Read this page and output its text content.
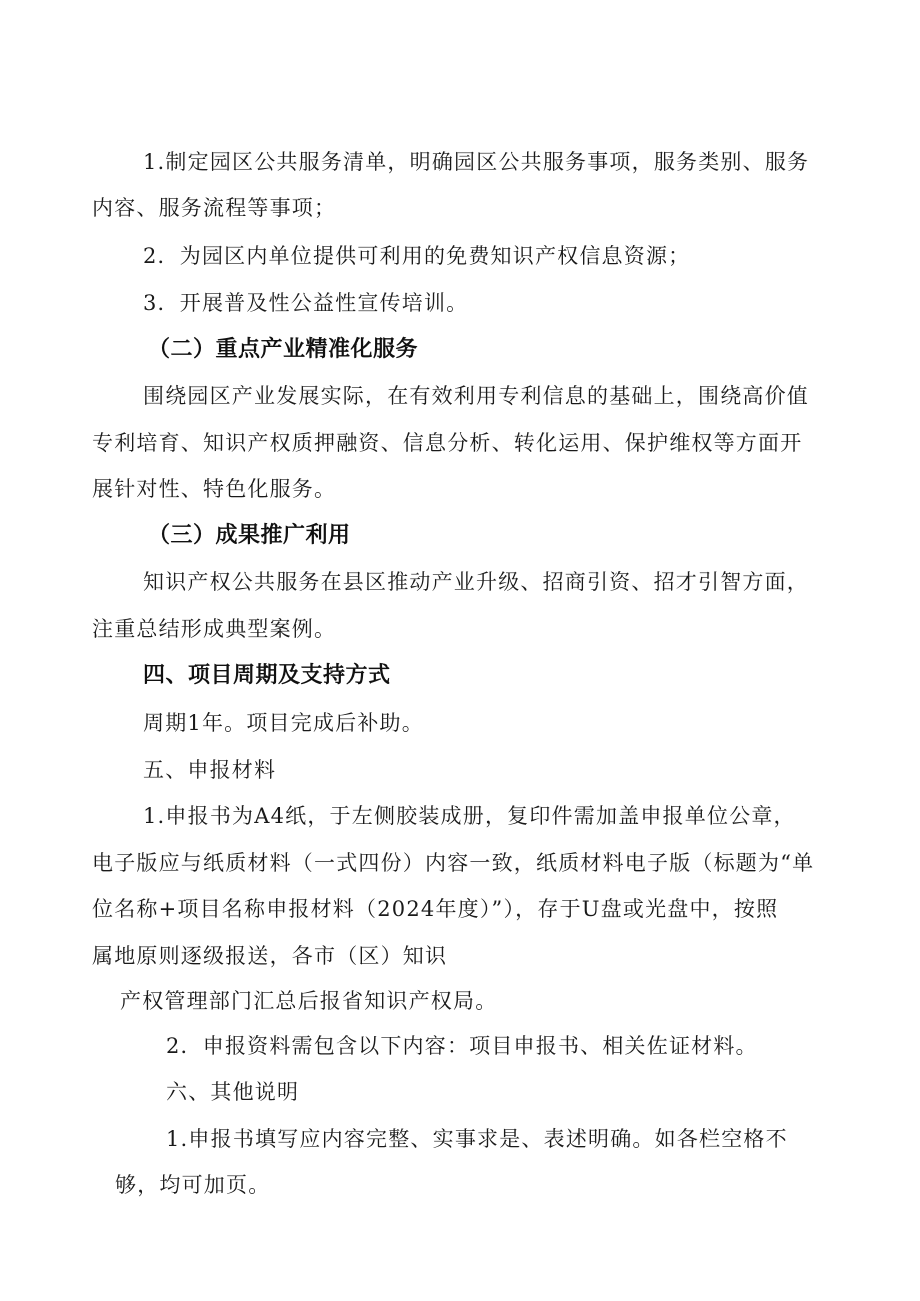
1.制定园区公共服务清单，明确园区公共服务事项，服务类别、服务
内容、服务流程等事项；
2．为园区内单位提供可利用的免费知识产权信息资源；
3．开展普及性公益性宣传培训。
（二）重点产业精准化服务
围绕园区产业发展实际，在有效利用专利信息的基础上，围绕高价值
专利培育、知识产权质押融资、信息分析、转化运用、保护维权等方面开
展针对性、特色化服务。
（三）成果推广利用
知识产权公共服务在县区推动产业升级、招商引资、招才引智方面，
注重总结形成典型案例。
四、项目周期及支持方式
周期1年。项目完成后补助。
五、申报材料
1.申报书为A4纸，于左侧胶装成册，复印件需加盖申报单位公章，
电子版应与纸质材料（一式四份）内容一致，纸质材料电子版（标题为“单
位名称+项目名称申报材料（2024年度）”），存于U盘或光盘中，按照
属地原则逐级报送，各市（区）知识
产权管理部门汇总后报省知识产权局。
2．申报资料需包含以下内容：项目申报书、相关佐证材料。
六、其他说明
1.申报书填写应内容完整、实事求是、表述明确。如各栏空格不
够，均可加页。
